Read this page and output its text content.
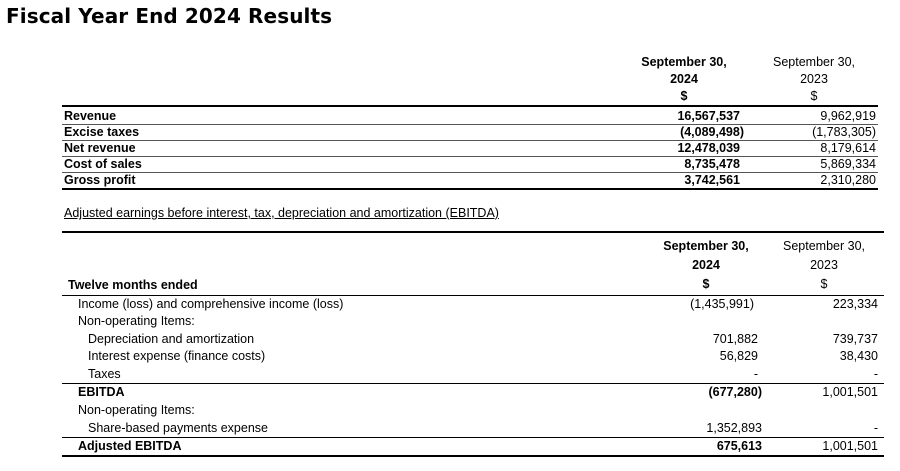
Fiscal Year End 2024 Results
September 30,
2024
$
September 30,
2023
$
Revenue	16,567,537	9,962,919
Excise taxes	(4,089,498)	(1,783,305)
Net revenue	12,478,039	8,179,614
Cost of sales	8,735,478	5,869,334
Gross profit	3,742,561	2,310,280
Adjusted earnings before interest, tax, depreciation and amortization (EBITDA)
September 30,
2024
$
September 30,
2023
$
Twelve months ended
Income (loss) and comprehensive income (loss)	(1,435,991)	223,334
Non-operating Items:
Depreciation and amortization	701,882	739,737
Interest expense (finance costs)	56,829	38,430
Taxes	-	-
EBITDA	(677,280)	1,001,501
Non-operating Items:
Share-based payments expense	1,352,893	-
Adjusted EBITDA	675,613	1,001,501
